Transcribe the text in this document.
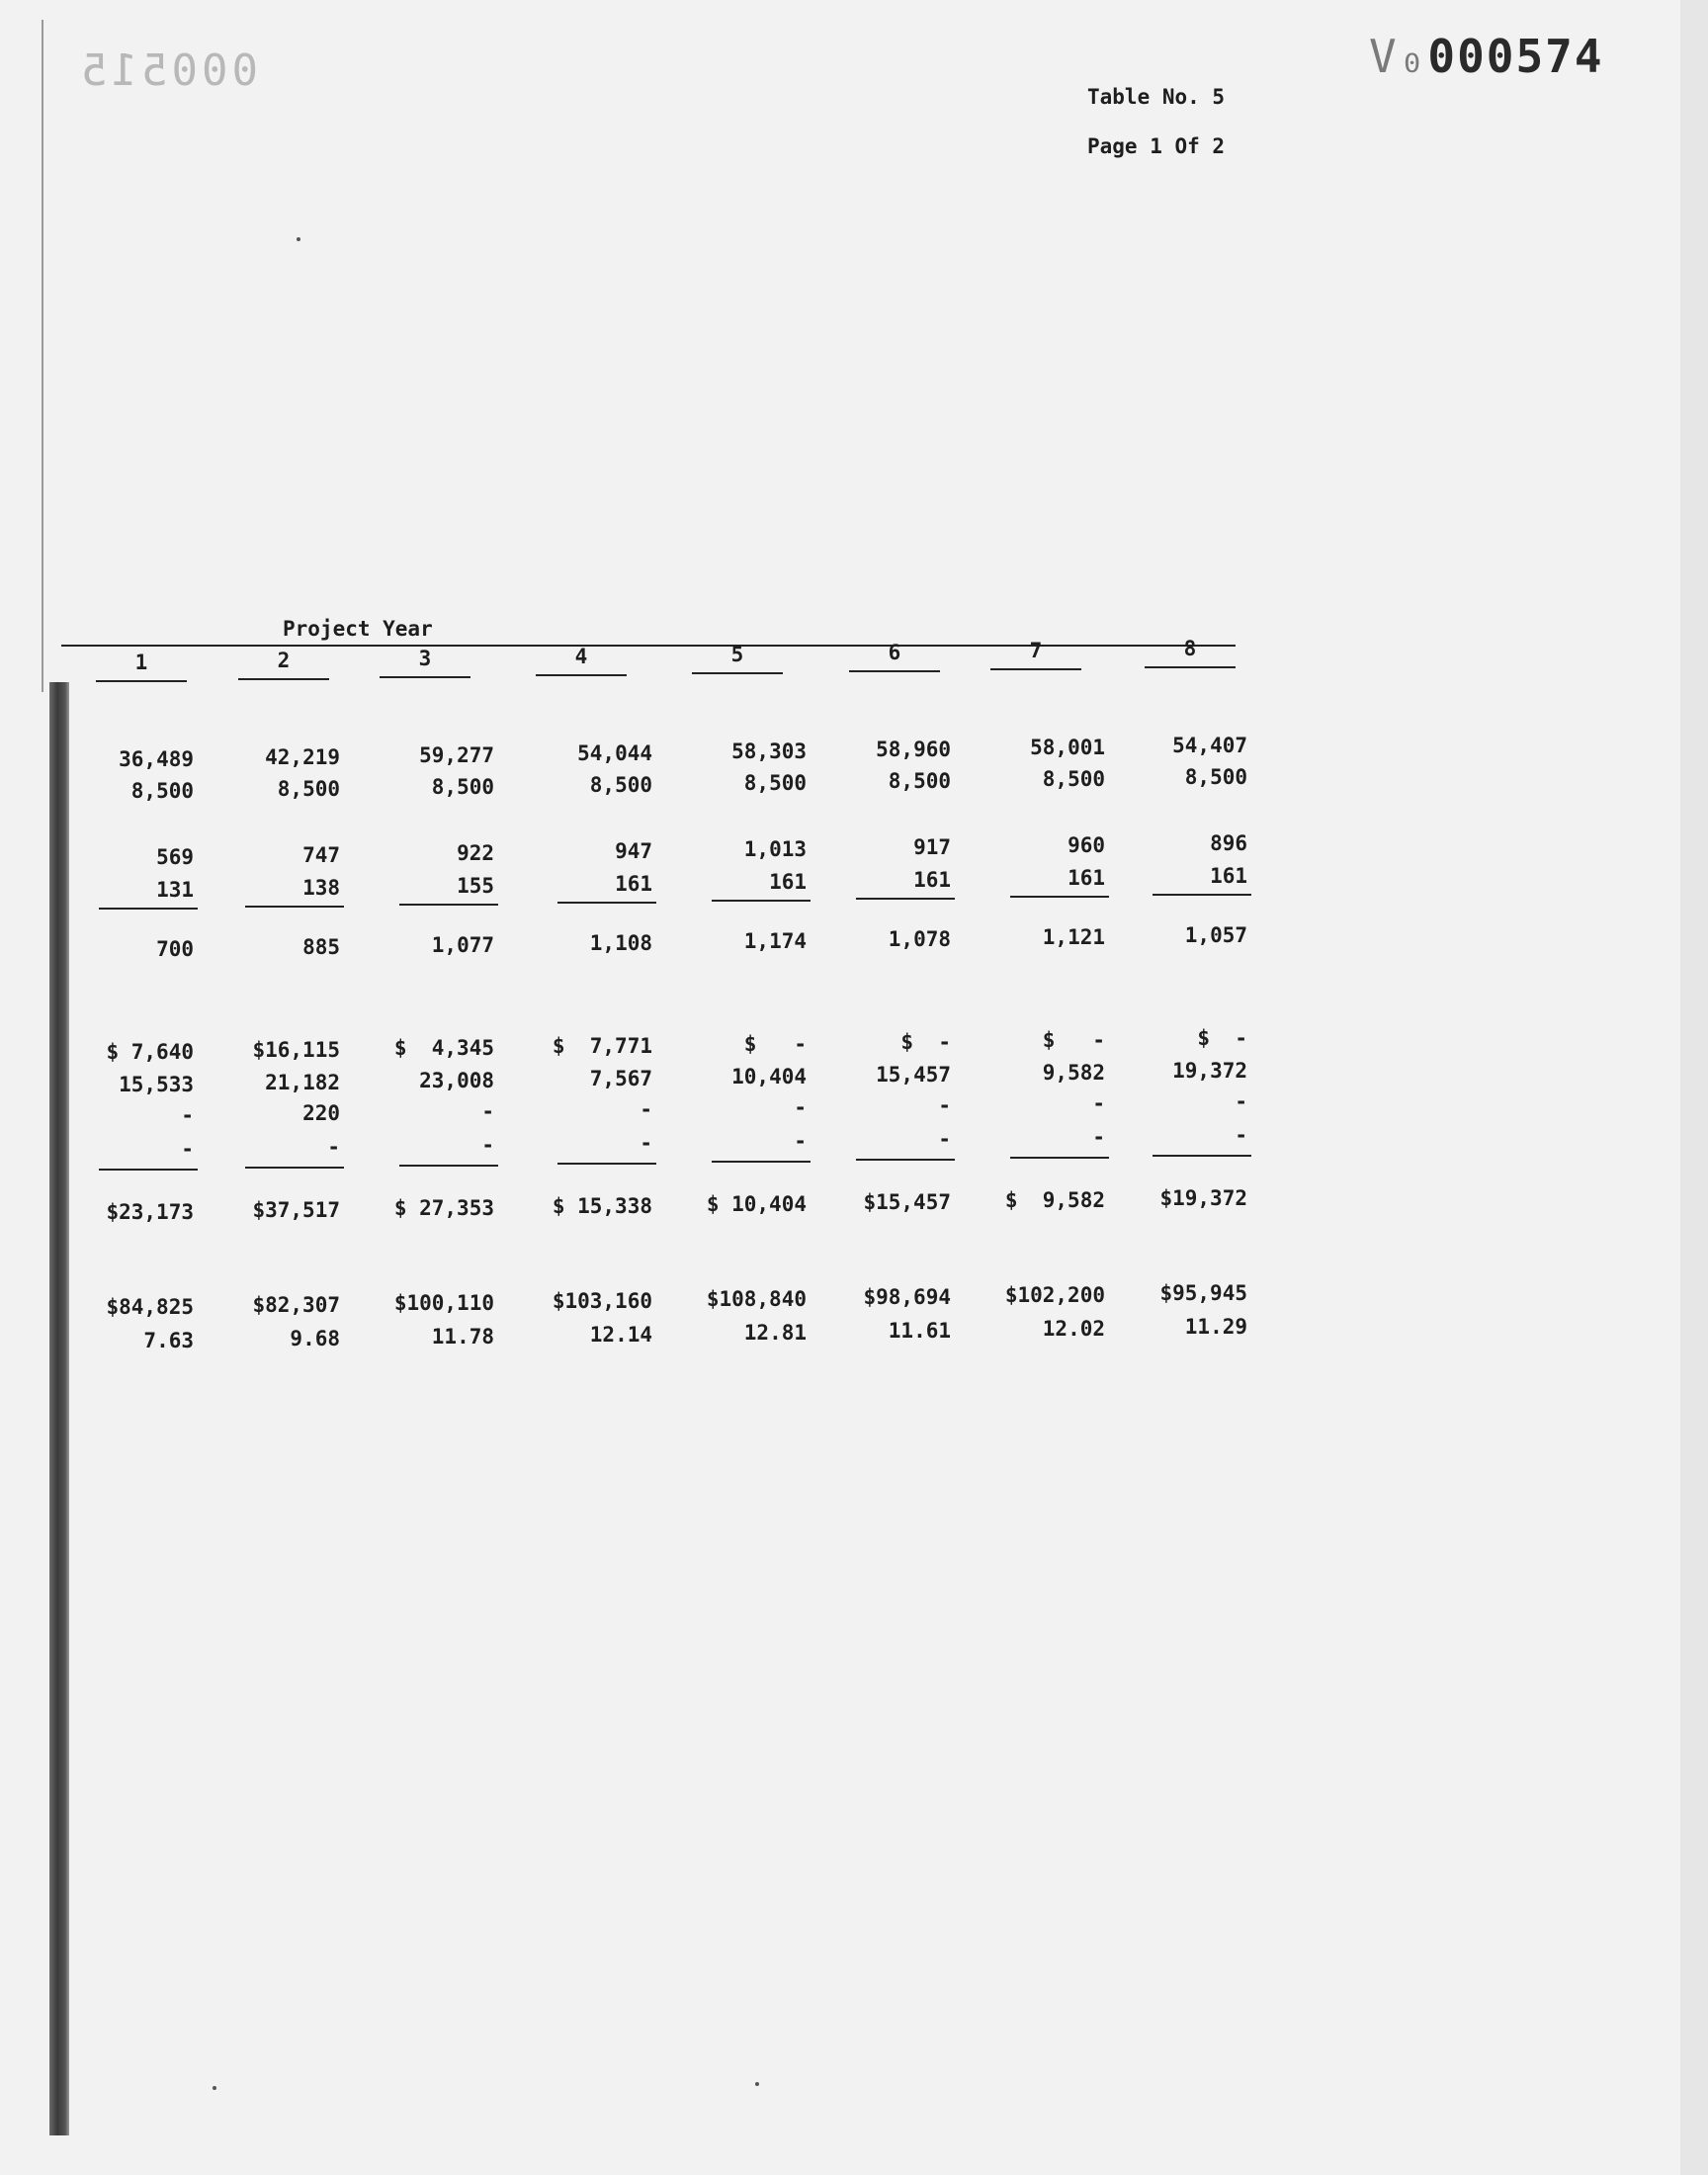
000515	V₀000574
Table No. 5
Page 1 Of 2
Project Year
1	2	3	4	5	6	7	8
36,489	42,219	59,277	54,044	58,303	58,960	58,001	54,407
8,500	8,500	8,500	8,500	8,500	8,500	8,500	8,500
569	747	922	947	1,013	917	960	896
131	138	155	161	161	161	161	161
700	885	1,077	1,108	1,174	1,078	1,121	1,057
$ 7,640	$16,115	$  4,345	$  7,771	$   -	$  -	$   -	$  -
15,533	21,182	23,008	7,567	10,404	15,457	9,582	19,372
-	220	-	-	-	-	-	-
-	-	-	-	-	-	-	-
$23,173	$37,517	$ 27,353	$ 15,338	$ 10,404	$15,457	$  9,582	$19,372
$84,825	$82,307	$100,110	$103,160	$108,840	$98,694	$102,200	$95,945
7.63	9.68	11.78	12.14	12.81	11.61	12.02	11.29
